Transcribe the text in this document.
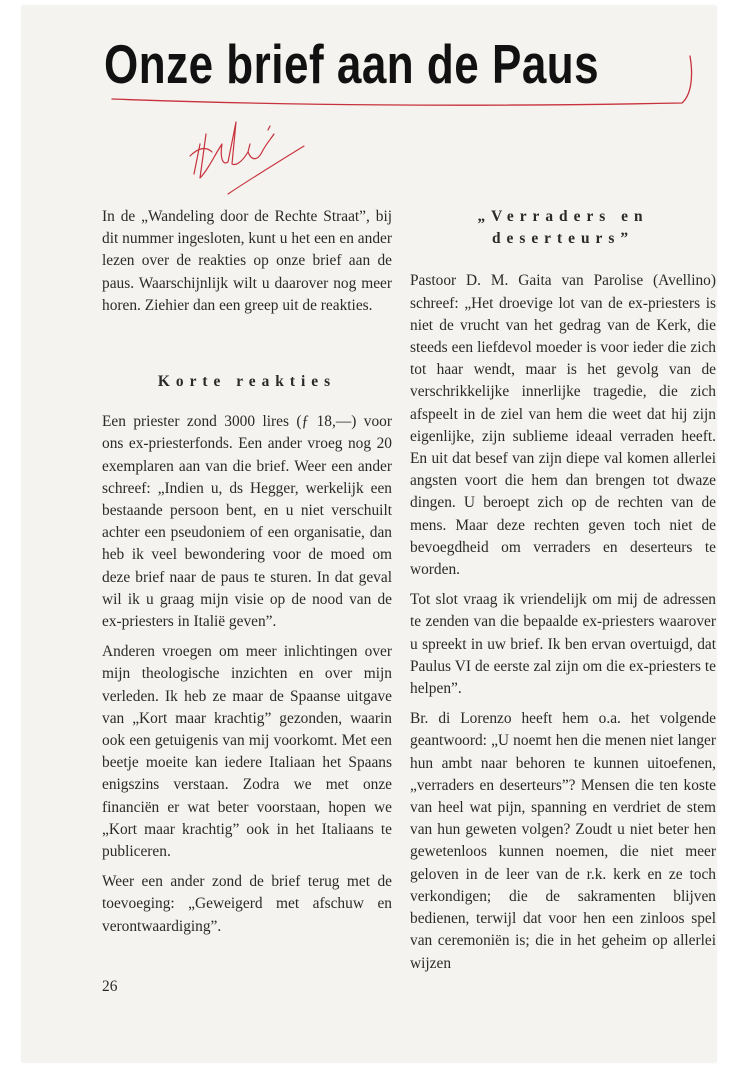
Onze brief aan de Paus

In de „Wandeling door de Rechte Straat”, bij dit nummer ingesloten, kunt u het een en ander lezen over de reakties op onze brief aan de paus. Waarschijnlijk wilt u daarover nog meer horen. Ziehier dan een greep uit de reakties.

Korte reakties

Een priester zond 3000 lires (ƒ 18,—) voor ons ex-priesterfonds. Een ander vroeg nog 20 exemplaren aan van die brief. Weer een ander schreef: „Indien u, ds Hegger, werkelijk een bestaande persoon bent, en u niet verschuilt achter een pseudoniem of een organisatie, dan heb ik veel bewondering voor de moed om deze brief naar de paus te sturen. In dat geval wil ik u graag mijn visie op de nood van de ex-priesters in Italië geven”.

Anderen vroegen om meer inlichtingen over mijn theologische inzichten en over mijn verleden. Ik heb ze maar de Spaanse uitgave van „Kort maar krachtig” gezonden, waarin ook een getuigenis van mij voorkomt. Met een beetje moeite kan iedere Italiaan het Spaans enigszins verstaan. Zodra we met onze financiën er wat beter voorstaan, hopen we „Kort maar krachtig” ook in het Italiaans te publiceren.

Weer een ander zond de brief terug met de toevoeging: „Geweigerd met afschuw en verontwaardiging”.

26
„Verraders en deserteurs”

Pastoor D. M. Gaita van Parolise (Avellino) schreef: „Het droevige lot van de ex-priesters is niet de vrucht van het gedrag van de Kerk, die steeds een liefdevol moeder is voor ieder die zich tot haar wendt, maar is het gevolg van de verschrikkelijke innerlijke tragedie, die zich afspeelt in de ziel van hem die weet dat hij zijn eigenlijke, zijn sublieme ideaal verraden heeft. En uit dat besef van zijn diepe val komen allerlei angsten voort die hem dan brengen tot dwaze dingen. U beroept zich op de rechten van de mens. Maar deze rechten geven toch niet de bevoegdheid om verraders en deserteurs te worden.

Tot slot vraag ik vriendelijk om mij de adressen te zenden van die bepaalde ex-priesters waarover u spreekt in uw brief. Ik ben ervan overtuigd, dat Paulus VI de eerste zal zijn om die ex-priesters te helpen”.

Br. di Lorenzo heeft hem o.a. het volgende geantwoord: „U noemt hen die menen niet langer hun ambt naar behoren te kunnen uitoefenen, „verraders en deserteurs”? Mensen die ten koste van heel wat pijn, spanning en verdriet de stem van hun geweten volgen? Zoudt u niet beter hen gewetenloos kunnen noemen, die niet meer geloven in de leer van de r.k. kerk en ze toch verkondigen; die de sakramenten blijven bedienen, terwijl dat voor hen een zinloos spel van ceremoniën is; die in het geheim op allerlei wijzen
